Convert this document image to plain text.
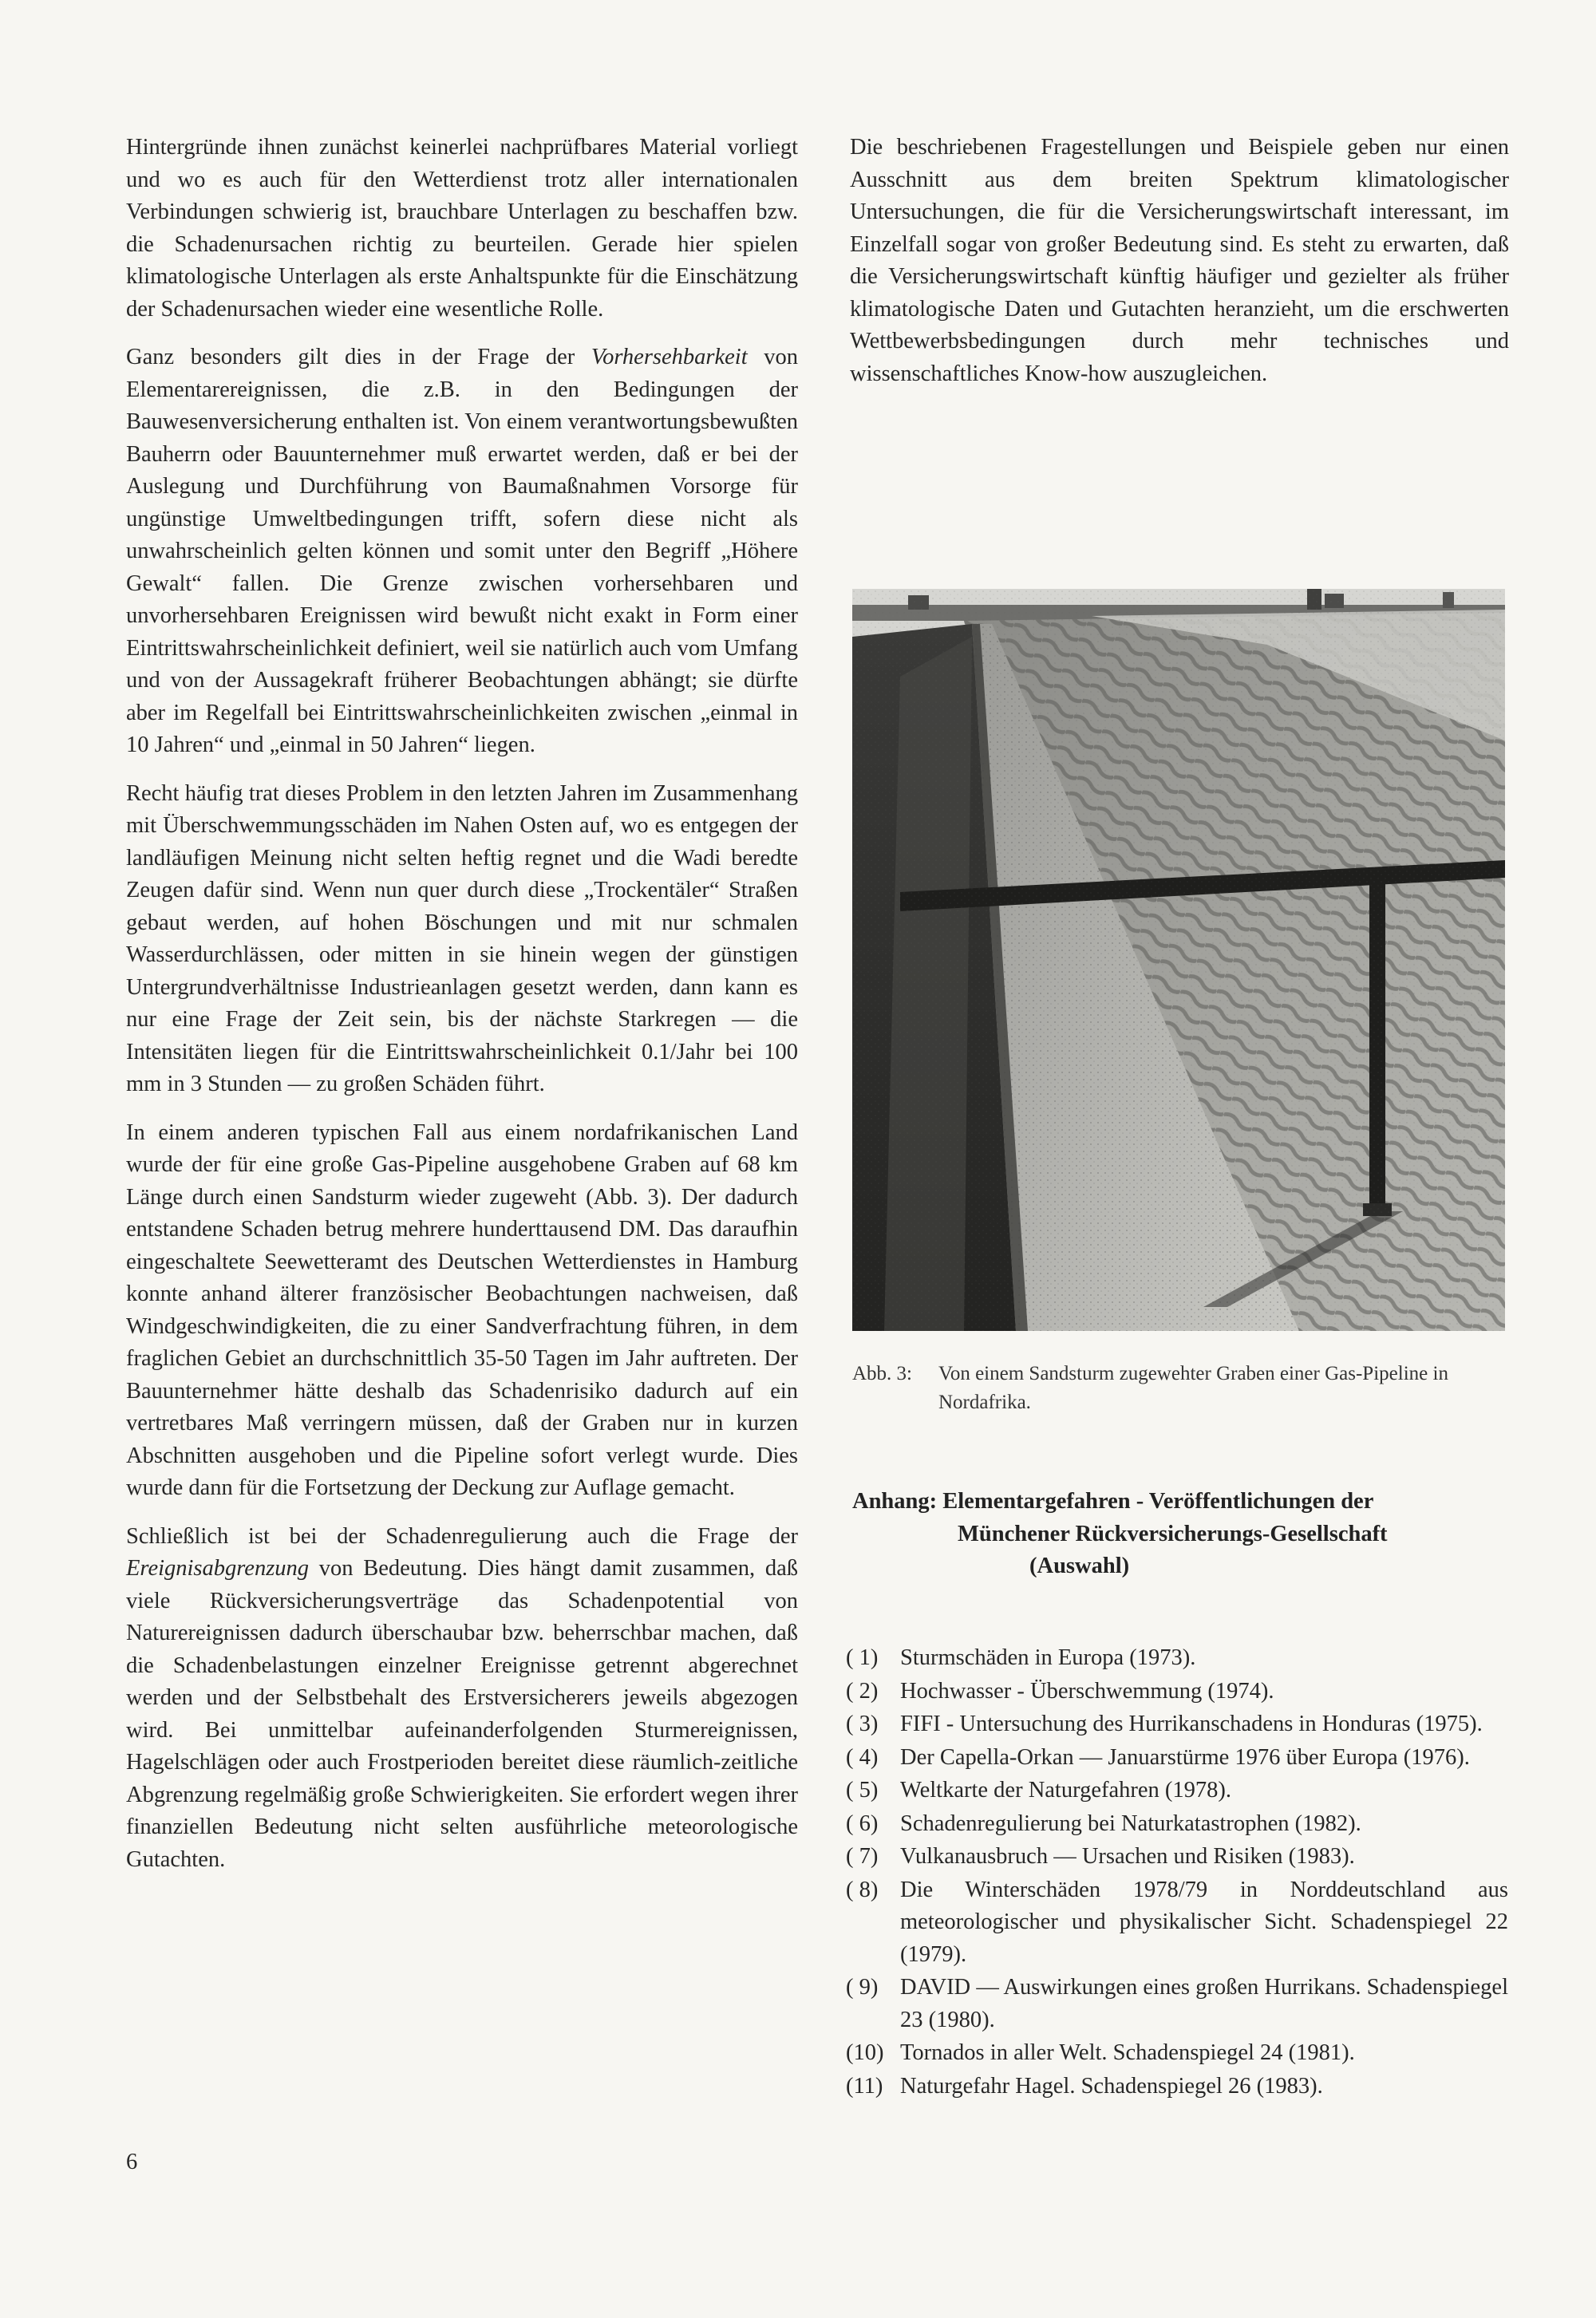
Hintergründe ihnen zunächst keinerlei nachprüfbares Material vorliegt und wo es auch für den Wetterdienst trotz aller internationalen Verbindungen schwierig ist, brauchbare Unterlagen zu beschaffen bzw. die Schadenursachen richtig zu beurteilen. Gerade hier spielen klimatologische Unterlagen als erste Anhaltspunkte für die Einschätzung der Schadenursachen wieder eine wesentliche Rolle.

Ganz besonders gilt dies in der Frage der Vorhersehbarkeit von Elementarereignissen, die z.B. in den Bedingungen der Bauwesenversicherung enthalten ist. Von einem verantwortungsbewußten Bauherrn oder Bauunternehmer muß erwartet werden, daß er bei der Auslegung und Durchführung von Baumaßnahmen Vorsorge für ungünstige Umweltbedingungen trifft, sofern diese nicht als unwahrscheinlich gelten können und somit unter den Begriff „Höhere Gewalt“ fallen. Die Grenze zwischen vorhersehbaren und unvorhersehbaren Ereignissen wird bewußt nicht exakt in Form einer Eintrittswahrscheinlichkeit definiert, weil sie natürlich auch vom Umfang und von der Aussagekraft früherer Beobachtungen abhängt; sie dürfte aber im Regelfall bei Eintrittswahrscheinlichkeiten zwischen „einmal in 10 Jahren“ und „einmal in 50 Jahren“ liegen.

Recht häufig trat dieses Problem in den letzten Jahren im Zusammenhang mit Überschwemmungsschäden im Nahen Osten auf, wo es entgegen der landläufigen Meinung nicht selten heftig regnet und die Wadi beredte Zeugen dafür sind. Wenn nun quer durch diese „Trockentäler“ Straßen gebaut werden, auf hohen Böschungen und mit nur schmalen Wasserdurchlässen, oder mitten in sie hinein wegen der günstigen Untergrundverhältnisse Industrieanlagen gesetzt werden, dann kann es nur eine Frage der Zeit sein, bis der nächste Starkregen — die Intensitäten liegen für die Eintrittswahrscheinlichkeit 0.1/Jahr bei 100 mm in 3 Stunden — zu großen Schäden führt.

In einem anderen typischen Fall aus einem nordafrikanischen Land wurde der für eine große Gas-Pipeline ausgehobene Graben auf 68 km Länge durch einen Sandsturm wieder zugeweht (Abb. 3). Der dadurch entstandene Schaden betrug mehrere hunderttausend DM. Das daraufhin eingeschaltete Seewetteramt des Deutschen Wetterdienstes in Hamburg konnte anhand älterer französischer Beobachtungen nachweisen, daß Windgeschwindigkeiten, die zu einer Sandverfrachtung führen, in dem fraglichen Gebiet an durchschnittlich 35-50 Tagen im Jahr auftreten. Der Bauunternehmer hätte deshalb das Schadenrisiko dadurch auf ein vertretbares Maß verringern müssen, daß der Graben nur in kurzen Abschnitten ausgehoben und die Pipeline sofort verlegt wurde. Dies wurde dann für die Fortsetzung der Deckung zur Auflage gemacht.

Schließlich ist bei der Schadenregulierung auch die Frage der Ereignisabgrenzung von Bedeutung. Dies hängt damit zusammen, daß viele Rückversicherungsverträge das Schadenpotential von Naturereignissen dadurch überschaubar bzw. beherrschbar machen, daß die Schadenbelastungen einzelner Ereignisse getrennt abgerechnet werden und der Selbstbehalt des Erstversicherers jeweils abgezogen wird. Bei unmittelbar aufeinanderfolgenden Sturmereignissen, Hagelschlägen oder auch Frostperioden bereitet diese räumlich-zeitliche Abgrenzung regelmäßig große Schwierigkeiten. Sie erfordert wegen ihrer finanziellen Bedeutung nicht selten ausführliche meteorologische Gutachten.

Die beschriebenen Fragestellungen und Beispiele geben nur einen Ausschnitt aus dem breiten Spektrum klimatologischer Untersuchungen, die für die Versicherungswirtschaft interessant, im Einzelfall sogar von großer Bedeutung sind. Es steht zu erwarten, daß die Versicherungswirtschaft künftig häufiger und gezielter als früher klimatologische Daten und Gutachten heranzieht, um die erschwerten Wettbewerbsbedingungen durch mehr technisches und wissenschaftliches Know-how auszugleichen.

Abb. 3:	Von einem Sandsturm zugewehter Graben einer Gas-Pipeline in Nordafrika.
Anhang: Elementargefahren - Veröffentlichungen der
Münchener Rückversicherungs-Gesellschaft
(Auswahl)
( 1) Sturmschäden in Europa (1973).
( 2) Hochwasser - Überschwemmung (1974).
( 3) FIFI - Untersuchung des Hurrikanschadens in Honduras (1975).
( 4) Der Capella-Orkan — Januarstürme 1976 über Europa (1976).
( 5) Weltkarte der Naturgefahren (1978).
( 6) Schadenregulierung bei Naturkatastrophen (1982).
( 7) Vulkanausbruch — Ursachen und Risiken (1983).
( 8) Die Winterschäden 1978/79 in Norddeutschland aus meteorologischer und physikalischer Sicht. Schadenspiegel 22 (1979).
( 9) DAVID — Auswirkungen eines großen Hurrikans. Schadenspiegel 23 (1980).
(10) Tornados in aller Welt. Schadenspiegel 24 (1981).
(11) Naturgefahr Hagel. Schadenspiegel 26 (1983).
6
